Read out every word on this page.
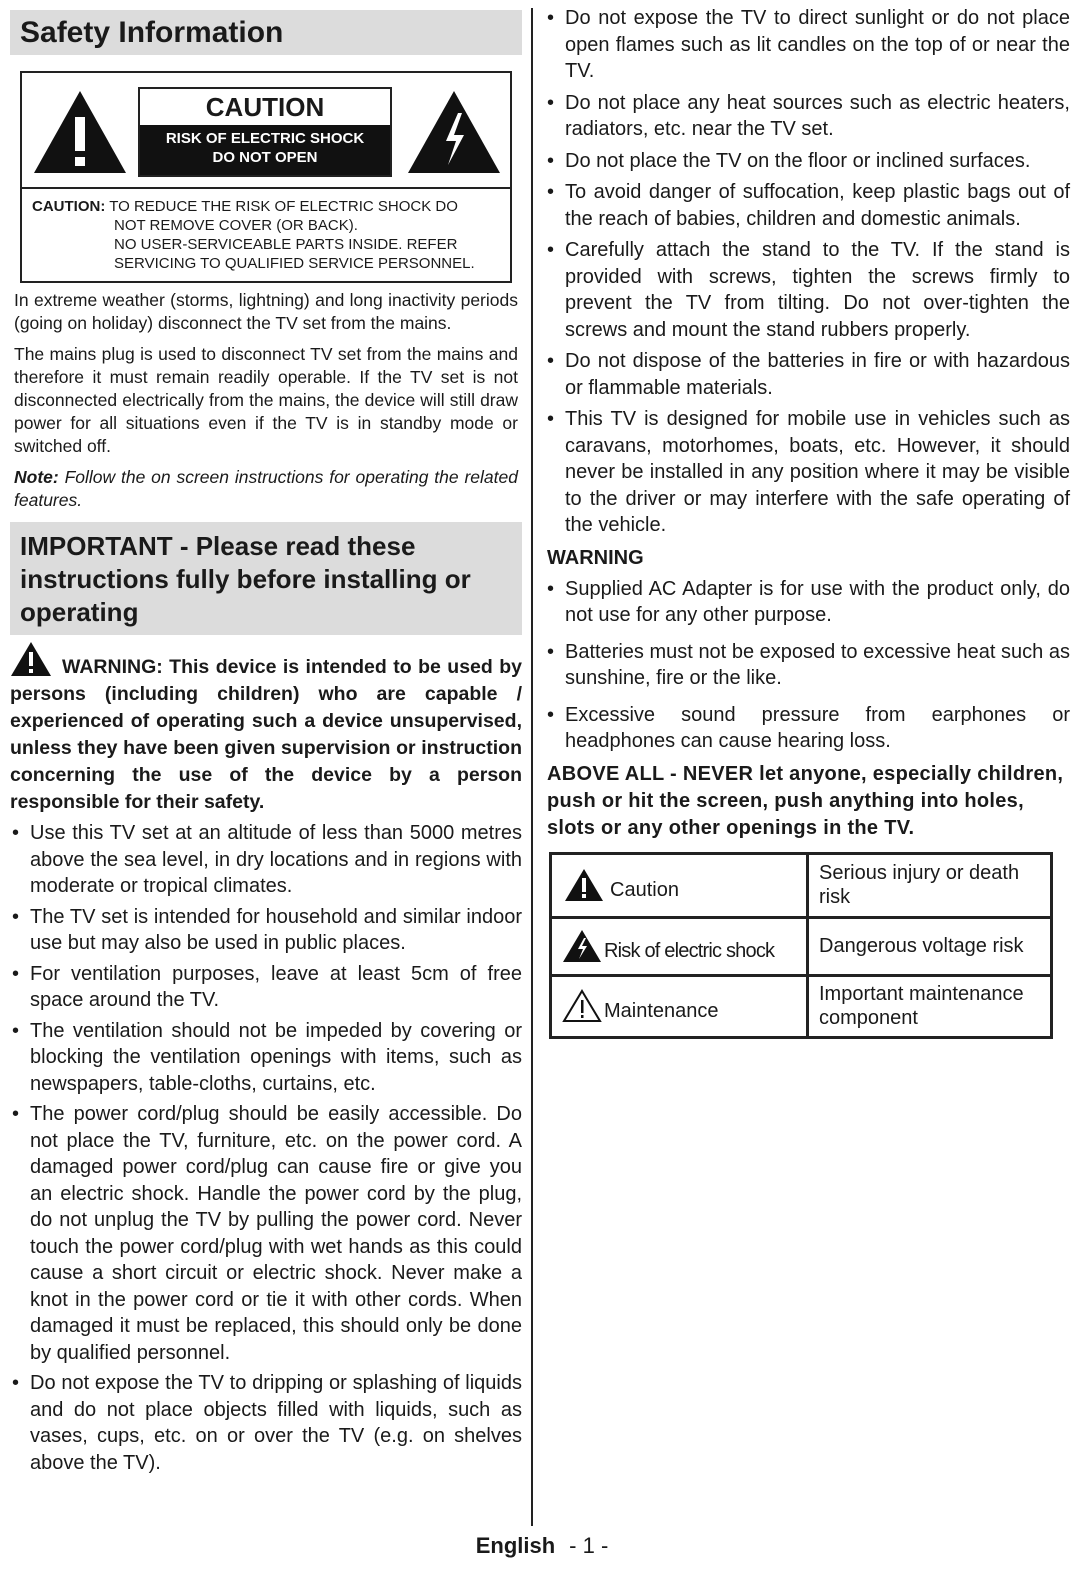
Safety Information
CAUTION
RISK OF ELECTRIC SHOCK
DO NOT OPEN
CAUTION: TO REDUCE THE RISK OF ELECTRIC SHOCK DO
NOT REMOVE COVER (OR BACK).
NO USER-SERVICEABLE PARTS INSIDE. REFER
SERVICING TO QUALIFIED SERVICE PERSONNEL.

In extreme weather (storms, lightning) and long inactivity periods (going on holiday) disconnect the TV set from the mains.

The mains plug is used to disconnect TV set from the mains and therefore it must remain readily operable. If the TV set is not disconnected electrically from the mains, the device will still draw power for all situations even if the TV is in standby mode or switched off.

Note: Follow the on screen instructions for operating the related features.

IMPORTANT - Please read these instructions fully before installing or operating
WARNING: This device is intended to be used by persons (including children) who are capable / experienced of operating such a device unsupervised, unless they have been given supervision or instruction concerning the use of the device by a person responsible for their safety.
• Use this TV set at an altitude of less than 5000 metres above the sea level, in dry locations and in regions with moderate or tropical climates.
• The TV set is intended for household and similar indoor use but may also be used in public places.
• For ventilation purposes, leave at least 5cm of free space around the TV.
• The ventilation should not be impeded by covering or blocking the ventilation openings with items, such as newspapers, table-cloths, curtains, etc.
• The power cord/plug should be easily accessible. Do not place the TV, furniture, etc. on the power cord. A damaged power cord/plug can cause fire or give you an electric shock. Handle the power cord by the plug, do not unplug the TV by pulling the power cord. Never touch the power cord/plug with wet hands as this could cause a short circuit or electric shock. Never make a knot in the power cord or tie it with other cords. When damaged it must be replaced, this should only be done by qualified personnel.
• Do not expose the TV to dripping or splashing of liquids and do not place objects filled with liquids, such as vases, cups, etc. on or over the TV (e.g. on shelves above the TV).
• Do not expose the TV to direct sunlight or do not place open flames such as lit candles on the top of or near the TV.
• Do not place any heat sources such as electric heaters, radiators, etc. near the TV set.
• Do not place the TV on the floor or inclined surfaces.
• To avoid danger of suffocation, keep plastic bags out of the reach of babies, children and domestic animals.
• Carefully attach the stand to the TV. If the stand is provided with screws, tighten the screws firmly to prevent the TV from tilting. Do not over-tighten the screws and mount the stand rubbers properly.
• Do not dispose of the batteries in fire or with hazardous or flammable materials.
• This TV is designed for mobile use in vehicles such as caravans, motorhomes, boats, etc. However, it should never be installed in any position where it may be visible to the driver or may interfere with the safe operating of the vehicle.
WARNING
• Supplied AC Adapter is for use with the product only, do not use for any other purpose.
• Batteries must not be exposed to excessive heat such as sunshine, fire or the like.
• Excessive sound pressure from earphones or headphones can cause hearing loss.
ABOVE ALL - NEVER let anyone, especially children, push or hit the screen, push anything into holes, slots or any other openings in the TV.
Caution	Serious injury or death risk
Risk of electric shock	Dangerous voltage risk
Maintenance	Important maintenance component
English - 1 -
